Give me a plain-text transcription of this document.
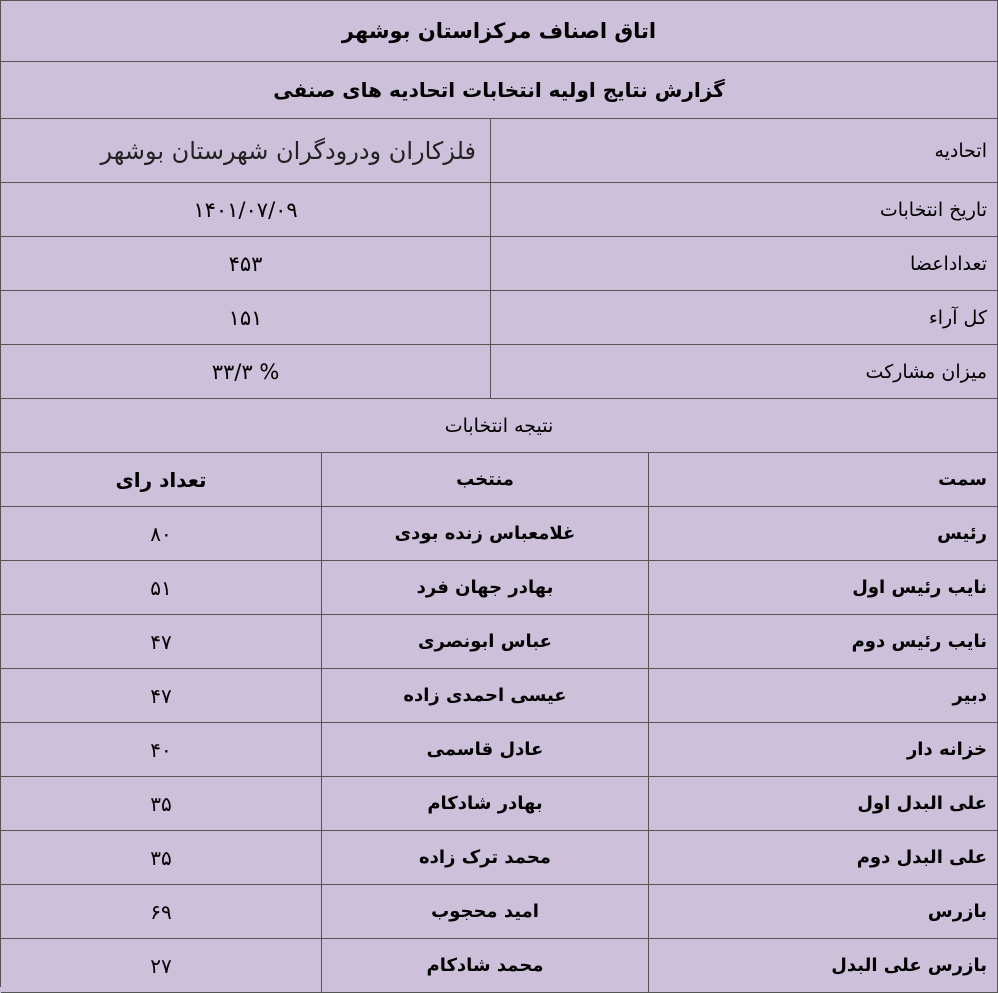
اتاق اصناف مرکزاستان بوشهر
گزارش نتایج اولیه انتخابات اتحادیه های صنفی
اتحادیه
فلزکاران ودرودگران شهرستان بوشهر
تاریخ انتخابات
۱۴۰۱/۰۷/۰۹
تعداداعضا
۴۵۳
کل آراء
۱۵۱
میزان مشارکت
% ۳۳/۳
نتیجه انتخابات
سمت
منتخب
تعداد رای
رئیس
غلامعباس زنده بودی
۸۰
نایب رئیس اول
بهادر جهان فرد
۵۱
نایب رئیس دوم
عباس ابونصری
۴۷
دبیر
عیسی احمدی زاده
۴۷
خزانه دار
عادل قاسمی
۴۰
علی البدل اول
بهادر شادکام
۳۵
علی البدل دوم
محمد ترک زاده
۳۵
بازرس
امید محجوب
۶۹
بازرس علی البدل
محمد شادکام
۲۷
